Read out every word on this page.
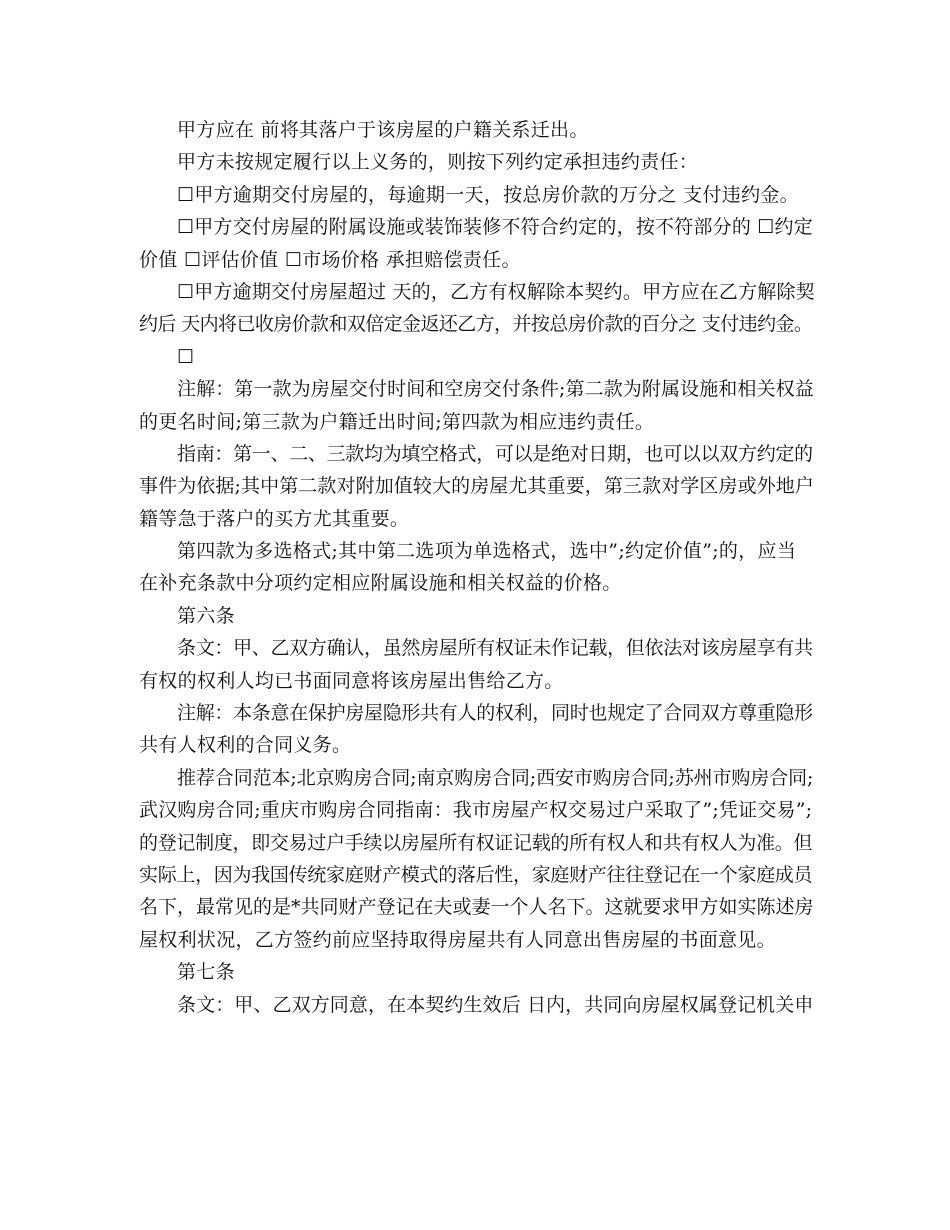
甲方应在 前将其落户于该房屋的户籍关系迁出。
甲方未按规定履行以上义务的，则按下列约定承担违约责任：
☐甲方逾期交付房屋的，每逾期一天，按总房价款的万分之 支付违约金。
☐甲方交付房屋的附属设施或装饰装修不符合约定的，按不符部分的 ☐约定
价值 ☐评估价值 ☐市场价格 承担赔偿责任。
☐甲方逾期交付房屋超过 天的，乙方有权解除本契约。甲方应在乙方解除契
约后 天内将已收房价款和双倍定金返还乙方，并按总房价款的百分之 支付违约金。
☐
注解：第一款为房屋交付时间和空房交付条件;第二款为附属设施和相关权益
的更名时间;第三款为户籍迁出时间;第四款为相应违约责任。
指南：第一、二、三款均为填空格式，可以是绝对日期，也可以以双方约定的
事件为依据;其中第二款对附加值较大的房屋尤其重要，第三款对学区房或外地户
籍等急于落户的买方尤其重要。
第四款为多选格式;其中第二选项为单选格式，选中”;约定价值”;的，应当
在补充条款中分项约定相应附属设施和相关权益的价格。
第六条
条文：甲、乙双方确认，虽然房屋所有权证未作记载，但依法对该房屋享有共
有权的权利人均已书面同意将该房屋出售给乙方。
注解：本条意在保护房屋隐形共有人的权利，同时也规定了合同双方尊重隐形
共有人权利的合同义务。
推荐合同范本;北京购房合同;南京购房合同;西安市购房合同;苏州市购房合同;
武汉购房合同;重庆市购房合同指南：我市房屋产权交易过户采取了”;凭证交易”;
的登记制度，即交易过户手续以房屋所有权证记载的所有权人和共有权人为准。但
实际上，因为我国传统家庭财产模式的落后性，家庭财产往往登记在一个家庭成员
名下，最常见的是*共同财产登记在夫或妻一个人名下。这就要求甲方如实陈述房
屋权利状况，乙方签约前应坚持取得房屋共有人同意出售房屋的书面意见。
第七条
条文：甲、乙双方同意，在本契约生效后 日内，共同向房屋权属登记机关申
